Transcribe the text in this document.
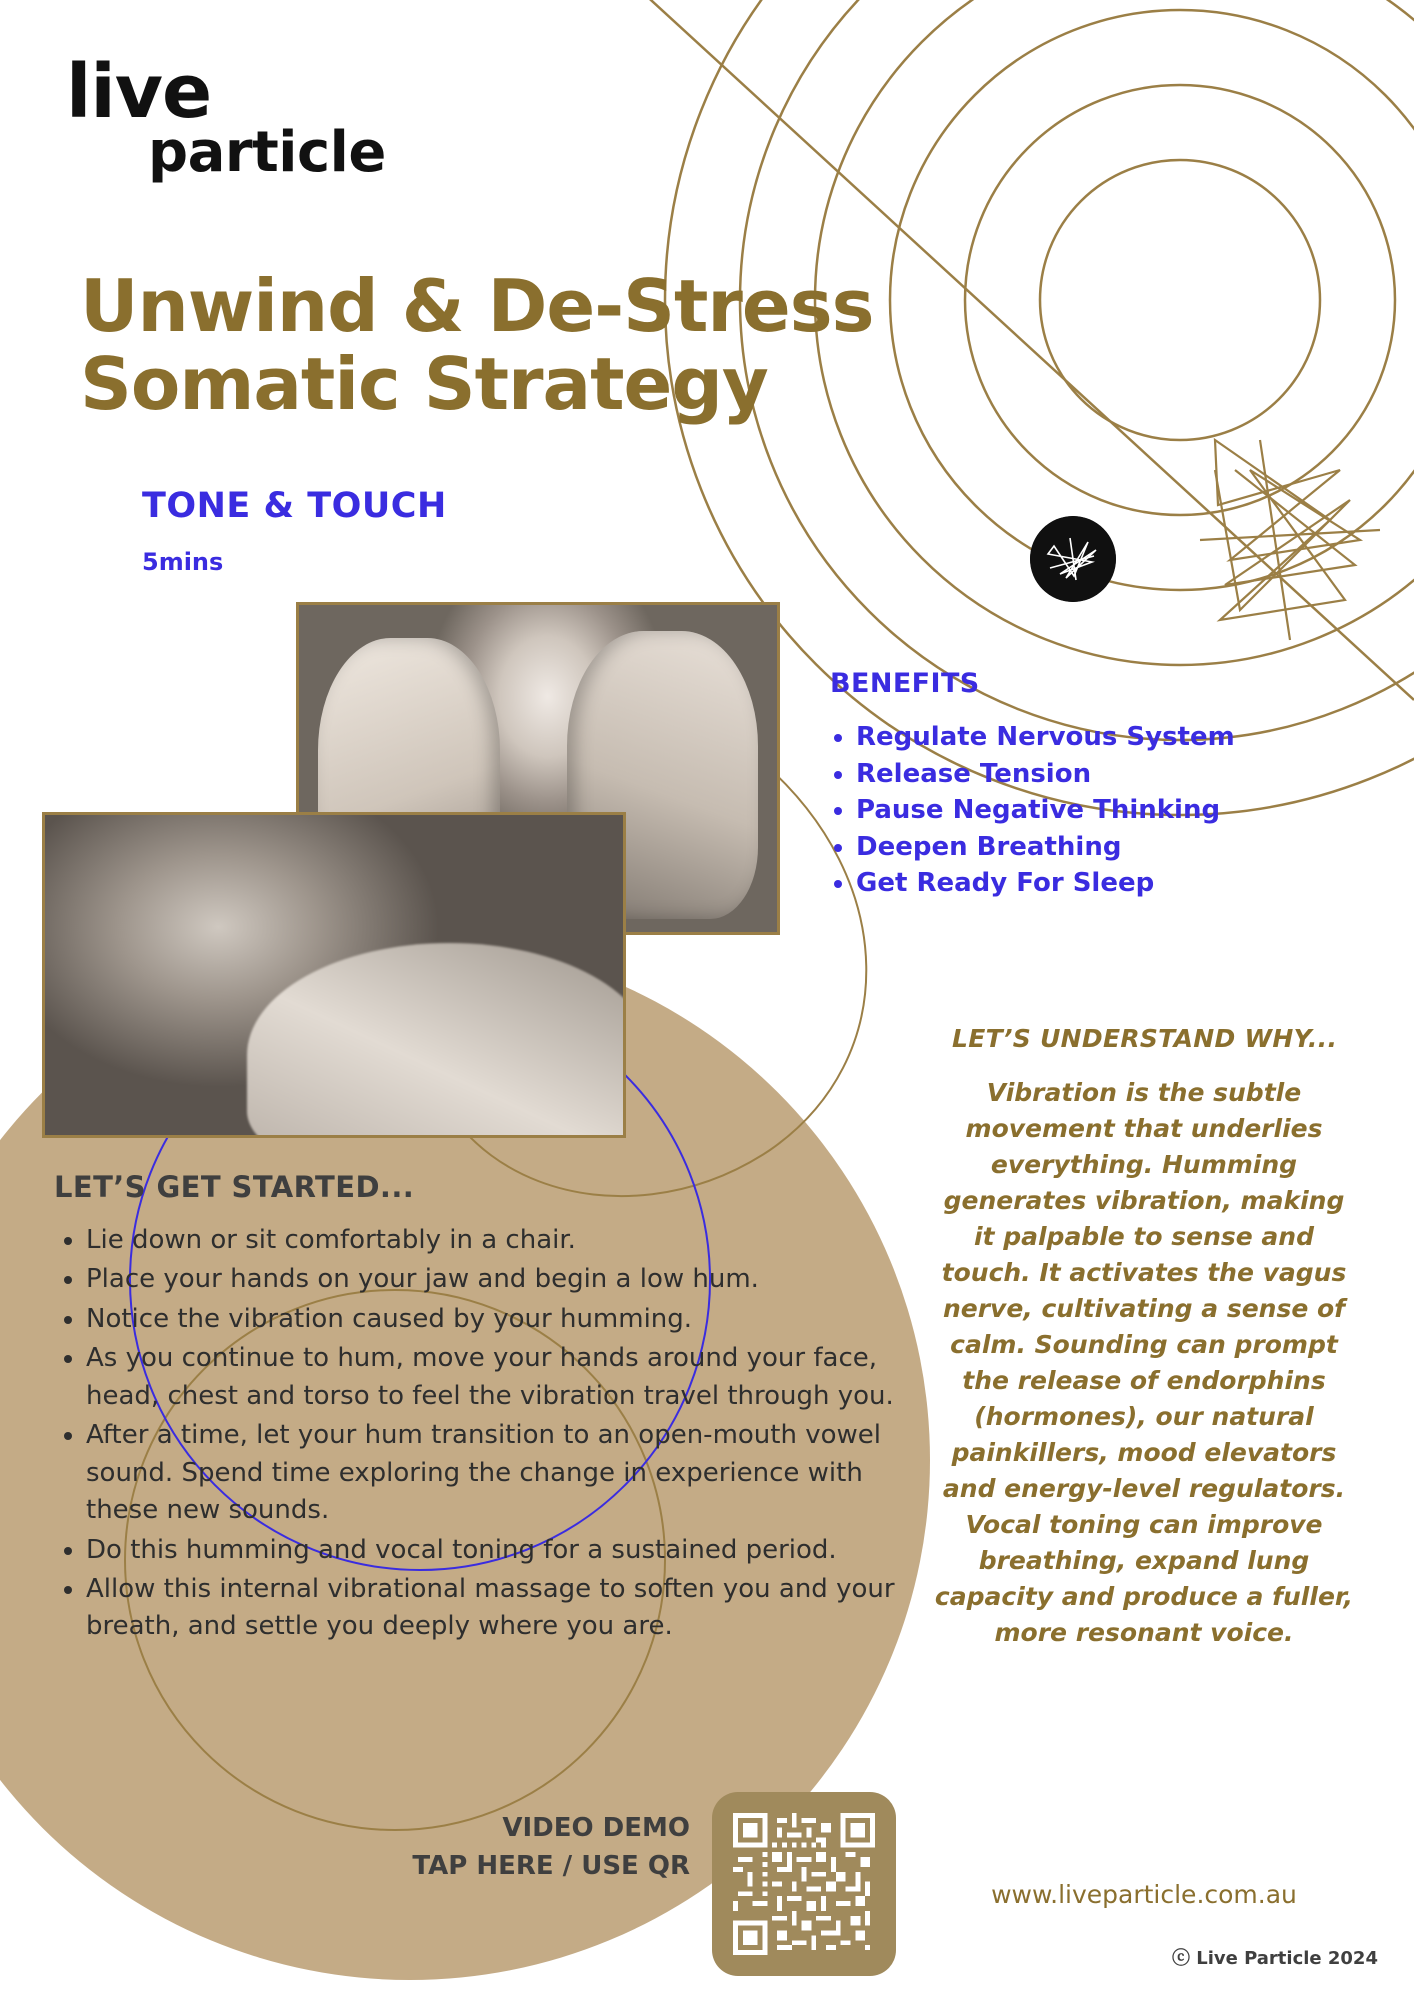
live
particle
Unwind & De-Stress
Somatic Strategy
TONE & TOUCH
5mins
BENEFITS
• Regulate Nervous System
• Release Tension
• Pause Negative Thinking
• Deepen Breathing
• Get Ready For Sleep
LET’S UNDERSTAND WHY...
Vibration is the subtle movement that underlies everything. Humming generates vibration, making it palpable to sense and touch. It activates the vagus nerve, cultivating a sense of calm. Sounding can prompt the release of endorphins (hormones), our natural painkillers, mood elevators and energy-level regulators. Vocal toning can improve breathing, expand lung capacity and produce a fuller, more resonant voice.
LET’S GET STARTED...
• Lie down or sit comfortably in a chair.
• Place your hands on your jaw and begin a low hum.
• Notice the vibration caused by your humming.
• As you continue to hum, move your hands around your face, head, chest and torso to feel the vibration travel through you.
• After a time, let your hum transition to an open-mouth vowel sound. Spend time exploring the change in experience with these new sounds.
• Do this humming and vocal toning for a sustained period.
• Allow this internal vibrational massage to soften you and your breath, and settle you deeply where you are.
VIDEO DEMO
TAP HERE / USE QR
www.liveparticle.com.au
ⓒ Live Particle 2024
